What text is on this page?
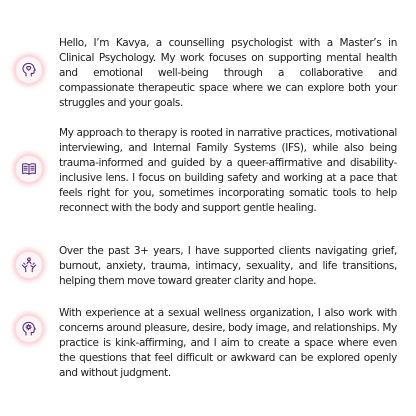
Hello, I’m Kavya, a counselling psychologist with a Master’s in Clinical Psychology. My work focuses on supporting mental health and emotional well-being through a collaborative and compassionate therapeutic space where we can explore both your struggles and your goals.

My approach to therapy is rooted in narrative practices, motivational interviewing, and Internal Family Systems (IFS), while also being trauma-informed and guided by a queer-affirmative and disability-inclusive lens. I focus on building safety and working at a pace that feels right for you, sometimes incorporating somatic tools to help reconnect with the body and support gentle healing.

Over the past 3+ years, I have supported clients navigating grief, burnout, anxiety, trauma, intimacy, sexuality, and life transitions, helping them move toward greater clarity and hope.

With experience at a sexual wellness organization, I also work with concerns around pleasure, desire, body image, and relationships. My practice is kink-affirming, and I aim to create a space where even the questions that feel difficult or awkward can be explored openly and without judgment.
